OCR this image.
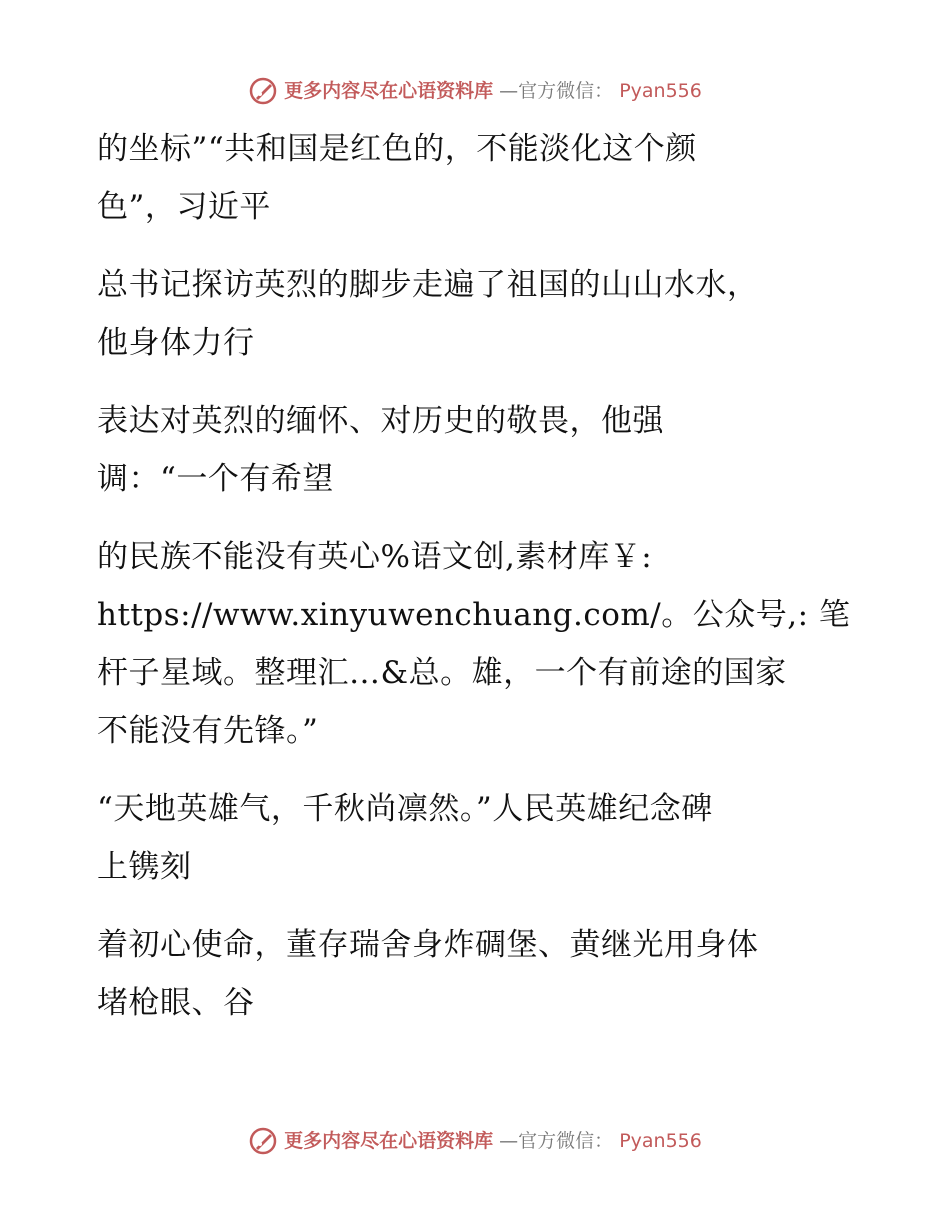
更多内容尽在心语资料库 —官方微信： Pyan556
的坐标”“共和国是红色的，不能淡化这个颜
色”，习近平
总书记探访英烈的脚步走遍了祖国的山山水水，
他身体力行
表达对英烈的缅怀、对历史的敬畏，他强
调：“一个有希望
的民族不能没有英心%语文创,素材库￥:
https://www.xinyuwenchuang.com/。公众号,: 笔
杆子星域。整理汇…&总。雄，一个有前途的国家
不能没有先锋。”
“天地英雄气，千秋尚凛然。”人民英雄纪念碑
上镌刻
着初心使命，董存瑞舍身炸碉堡、黄继光用身体
堵枪眼、谷
更多内容尽在心语资料库 —官方微信： Pyan556
